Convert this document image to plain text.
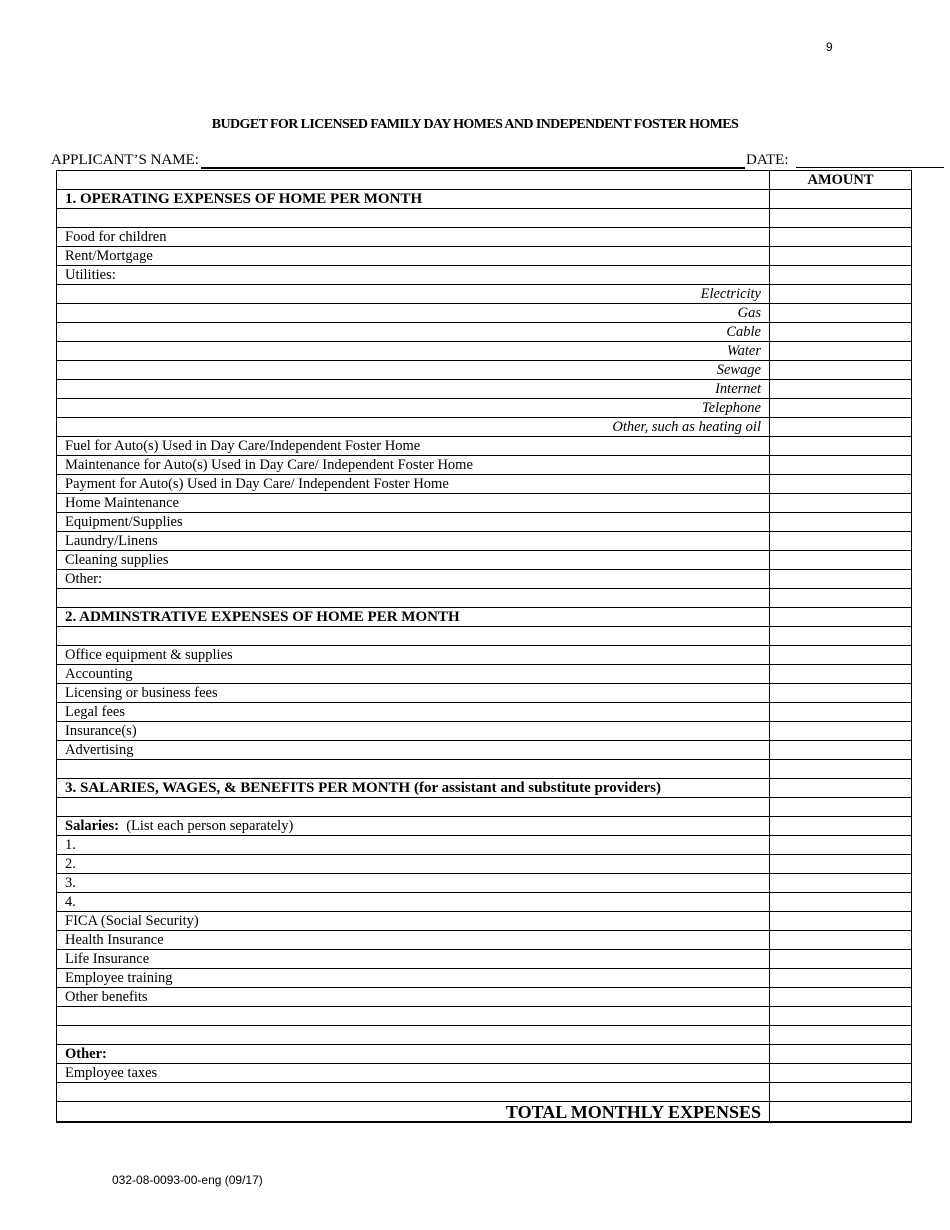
9
BUDGET FOR LICENSED FAMILY DAY HOMES AND INDEPENDENT FOSTER HOMES
APPLICANT’S NAME:	DATE:
	AMOUNT
1. OPERATING EXPENSES OF HOME PER MONTH	

Food for children	
Rent/Mortgage	
Utilities:	
Electricity	
Gas	
Cable	
Water	
Sewage	
Internet	
Telephone	
Other, such as heating oil	
Fuel for Auto(s) Used in Day Care/Independent Foster Home	
Maintenance for Auto(s) Used in Day Care/ Independent Foster Home	
Payment for Auto(s) Used in Day Care/ Independent Foster Home	
Home Maintenance	
Equipment/Supplies	
Laundry/Linens	
Cleaning supplies	
Other:	

2. ADMINSTRATIVE EXPENSES OF HOME PER MONTH	

Office equipment & supplies	
Accounting	
Licensing or business fees	
Legal fees	
Insurance(s)	
Advertising	

3. SALARIES, WAGES, & BENEFITS PER MONTH (for assistant and substitute providers)	

Salaries: (List each person separately)	
1.	
2.	
3.	
4.	
FICA (Social Security)	
Health Insurance	
Life Insurance	
Employee training	
Other benefits	

Other:	
Employee taxes	

TOTAL MONTHLY EXPENSES	
032-08-0093-00-eng (09/17)
